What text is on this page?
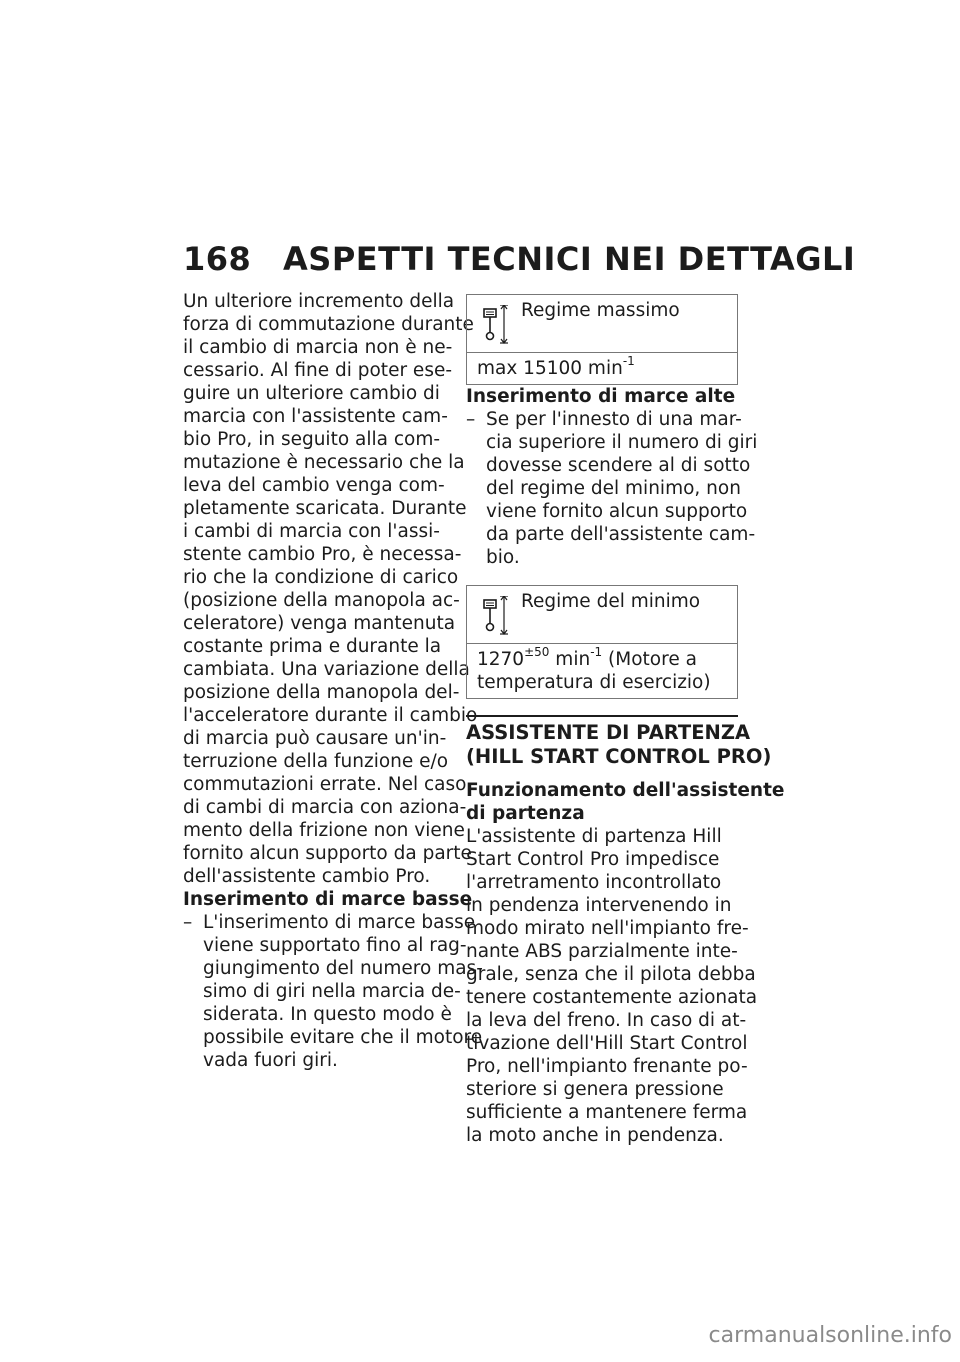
168 ASPETTI TECNICI NEI DETTAGLI

Un ulteriore incremento della

forza di commutazione durante

il cambio di marcia non è ne-

cessario. Al fine di poter ese-

guire un ulteriore cambio di

marcia con l'assistente cam-

bio Pro, in seguito alla com-

mutazione è necessario che la

leva del cambio venga com-

pletamente scaricata. Durante

i cambi di marcia con l'assi-

stente cambio Pro, è necessa-

rio che la condizione di carico

(posizione della manopola ac-

celeratore) venga mantenuta

costante prima e durante la

cambiata. Una variazione della

posizione della manopola del-

l'acceleratore durante il cambio

di marcia può causare un'in-

terruzione della funzione e/o

commutazioni errate. Nel caso

di cambi di marcia con aziona-

mento della frizione non viene

fornito alcun supporto da parte

dell'assistente cambio Pro.

Inserimento di marce basse

– L'inserimento di marce basse

viene supportato fino al rag-

giungimento del numero mas-

simo di giri nella marcia de-

siderata. In questo modo è

possibile evitare che il motore

vada fuori giri.

Regime massimo
max 15100 $\min^{-1}$

Inserimento di marce alte

– Se per l'innesto di una mar-

cia superiore il numero di giri

dovesse scendere al di sotto

del regime del minimo, non

viene fornito alcun supporto

da parte dell'assistente cam-

bio.

Regime del minimo
$1270^{\pm 50}$ $\min^{-1}$ (Motore a
temperatura di esercizio)
ASSISTENTE DI PARTENZA
(HILL START CONTROL PRO)
Funzionamento dell'assistente
di partenza

L'assistente di partenza Hill

Start Control Pro impedisce

l'arretramento incontrollato

in pendenza intervenendo in

modo mirato nell'impianto fre-

nante ABS parzialmente inte-

grale, senza che il pilota debba

tenere costantemente azionata

la leva del freno. In caso di at-

tivazione dell'Hill Start Control

Pro, nell'impianto frenante po-

steriore si genera pressione

sufficiente a mantenere ferma

la moto anche in pendenza.

carmanualsonline.info
